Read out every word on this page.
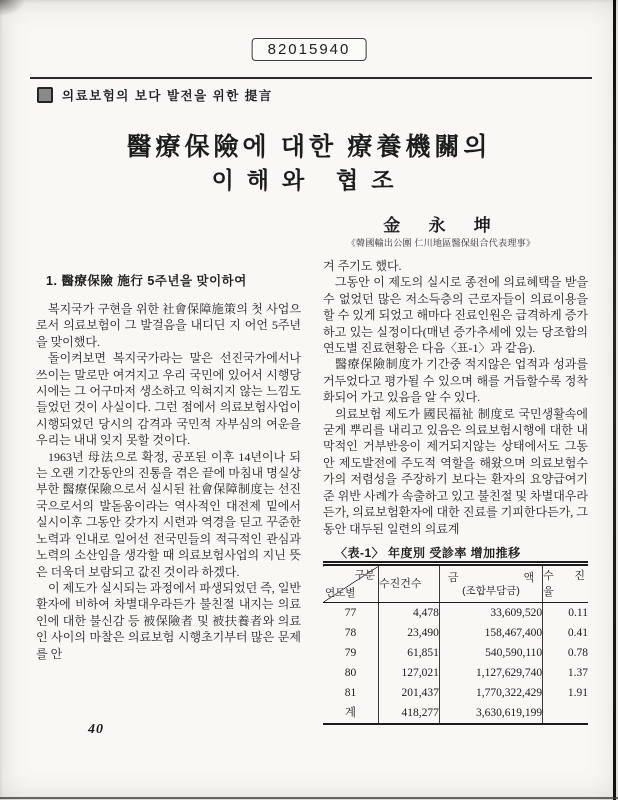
82015940
의료보험의 보다 발전을 위한 提言
醫療保險에 대한 療養機關의
이해와 협조
金 永 坤
《韓國輸出公團 仁川地區醫保組合代表理事》
1. 醫療保險 施行 5주년을 맞이하여

복지국가 구현을 위한 社會保障施策의 첫 사업으로서 의료보험이 그 발걸음을 내디딘 지 어언 5주년을 맞이했다.

돌이켜보면 복지국가라는 말은 선진국가에서나 쓰이는 말로만 여겨지고 우리 국민에 있어서 시행당시에는 그 어구마저 생소하고 익혀지지 않는 느낌도 들었던 것이 사실이다. 그런 점에서 의료보험사업이 시행되었던 당시의 감격과 국민적 자부심의 여운을 우리는 내내 잊지 못할 것이다.

1963년 母法으로 확정, 공포된 이후 14년이나 되는 오랜 기간동안의 진통을 겪은 끝에 마침내 명실상부한 醫療保險으로서 실시된 社會保障制度는 선진국으로서의 발돋움이라는 역사적인 대전제 밑에서 실시이후 그동안 갖가지 시련과 역경을 딛고 꾸준한 노력과 인내로 일어선 전국민들의 적극적인 관심과 노력의 소산임을 생각할 때 의료보험사업의 지닌 뜻은 더욱더 보람되고 값진 것이라 하겠다.

이 제도가 실시되는 과정에서 파생되었던 즉, 일반환자에 비하여 차별대우라든가 불친절 내지는 의료인에 대한 불신감 등 被保險者 및 被扶養者와 의료인 사이의 마찰은 의료보험 시행초기부터 많은 문제를 안

겨 주기도 했다.

그동안 이 제도의 실시로 종전에 의료혜택을 받을 수 없었던 많은 저소득층의 근로자들이 의료이용을 할 수 있게 되었고 해마다 진료인원은 급격하게 증가하고 있는 실정이다(매년 증가추세에 있는 당조합의 연도별 진료현황은 다음〈표-1〉과 같음).

醫療保險制度가 기간중 적지않은 업적과 성과를 거두었다고 평가될 수 있으며 해를 거듭할수록 정착화되어 가고 있음을 알 수 있다.

의료보험 제도가 國民福祉 制度로 국민생활속에 굳게 뿌리를 내리고 있음은 의료보험시행에 대한 내막적인 거부반응이 제거되지않는 상태에서도 그동안 제도발전에 주도적 역할을 해왔으며 의료보험수가의 저렴성을 주장하기 보다는 환자의 요양급여기준 위반 사례가 속출하고 있고 불친절 및 차별대우라든가, 의료보험환자에 대한 진료를 기피한다든가, 그동안 대두된 일련의 의료계

〈表-1〉 年度別 受診率 增加推移

구분
연도별
	수진건수	
금 액
(조합부담금)
	수 진 율
77	4,478	33,609,520	0.11
78	23,490	158,467,400	0.41
79	61,851	540,590,110	0.78
80	127,021	1,127,629,740	1.37
81	201,437	1,770,322,429	1.91
계	418,277	3,630,619,199	
40
